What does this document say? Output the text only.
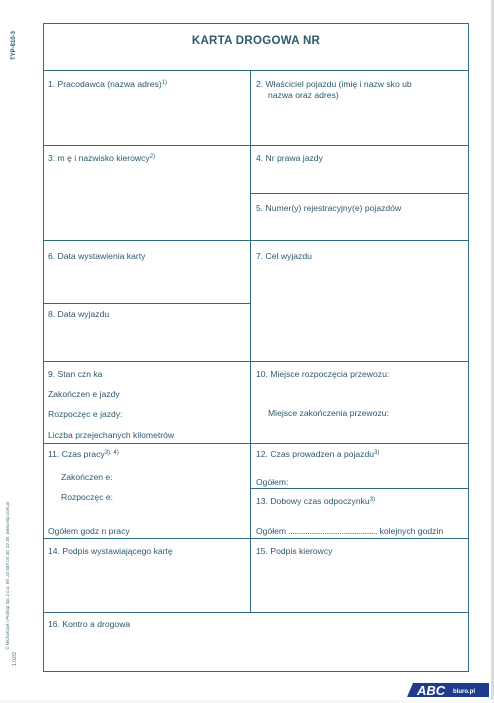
TYP-810-3
© Michalczyk i Prokop Sp. z o.o. tel. 22 665 04 40, 22 35, www.mip.com.pl
1.02/2
KARTA DROGOWA NR
1. Pracodawca (nazwa adres)$^{1)}$	2. Właściciel pojazdu (imię i nazw sko ub
nazwa oraz adres)
3. m ę i nazwisko kierowcy$^{2)}$	4. Nr prawa jazdy
5. Numer(y) rejestracyjny(e) pojazdów
6. Data wystawienia karty	7. Cel wyjazdu
8. Data wyjazdu
9. Stan czn ka
Zakończen e jazdy
Rozpoczęc e jazdy:
Liczba przejechanych kilometrów
10. Miejsce rozpoczęcia przewozu:
Miejsce zakończenia przewozu:
11. Czas pracy$^{3), 4)}$
Zakończen e:
Rozpoczęc e:
Ogółem godz n pracy
12. Czas prowadzen a pojazdu$^{3)}$
Ogółem:
13. Dobowy czas odpoczynku$^{3)}$
Ogółem ............................................... kolejnych godzin
14. Podpis wystawiającego kartę	15. Podpis kierowcy
16. Kontro a drogowa
ABC biuro.pl
